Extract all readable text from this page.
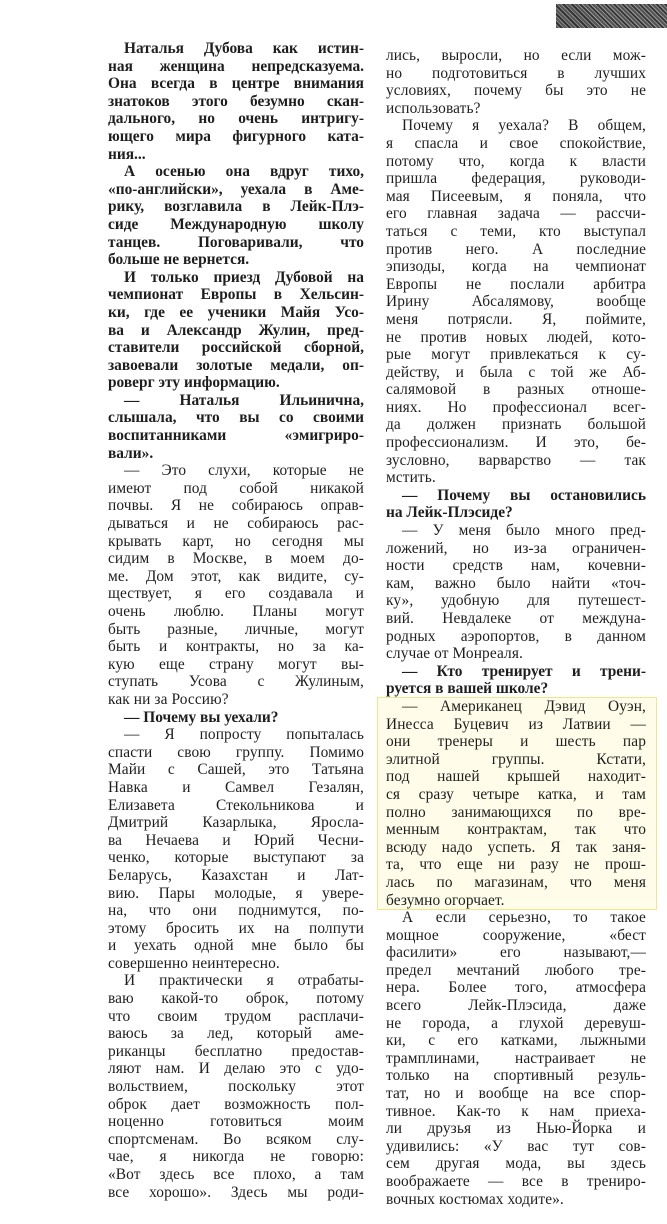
Наталья Дубова как истин-
ная женщина непредсказуема.
Она всегда в центре внимания
знатоков этого безумно скан-
дального, но очень интригу-
ющего мира фигурного ката-
ния...
А осенью она вдруг тихо,
«по-английски», уехала в Аме-
рику, возглавила в Лейк-Плэ-
сиде Международную школу
танцев. Поговаривали, что
больше не вернется.
И только приезд Дубовой на
чемпионат Европы в Хельсин-
ки, где ее ученики Майя Усо-
ва и Александр Жулин, пред-
ставители российской сборной,
завоевали золотые медали, оп-
роверг эту информацию.
— Наталья Ильинична,
слышала, что вы со своими
воспитанниками «эмигриро-
вали».
— Это слухи, которые не
имеют под собой никакой
почвы. Я не собираюсь оправ-
дываться и не собираюсь рас-
крывать карт, но сегодня мы
сидим в Москве, в моем до-
ме. Дом этот, как видите, су-
ществует, я его создавала и
очень люблю. Планы могут
быть разные, личные, могут
быть и контракты, но за ка-
кую еще страну могут вы-
ступать Усова с Жулиным,
как ни за Россию?
— Почему вы уехали?
— Я попросту попыталась
спасти свою группу. Помимо
Майи с Сашей, это Татьяна
Навка и Самвел Гезалян,
Елизавета Стекольникова и
Дмитрий Казарлыка, Яросла-
ва Нечаева и Юрий Чесни-
ченко, которые выступают за
Беларусь, Казахстан и Лат-
вию. Пары молодые, я увере-
на, что они поднимутся, по-
этому бросить их на полпути
и уехать одной мне было бы
совершенно неинтересно.
И практически я отрабаты-
ваю какой-то оброк, потому
что своим трудом расплачи-
ваюсь за лед, который аме-
риканцы бесплатно предостав-
ляют нам. И делаю это с удо-
вольствием, поскольку этот
оброк дает возможность пол-
ноценно готовиться моим
спортсменам. Во всяком слу-
чае, я никогда не говорю:
«Вот здесь все плохо, а там
все хорошо». Здесь мы роди-
лись, выросли, но если мож-
но подготовиться в лучших
условиях, почему бы это не
использовать?
Почему я уехала? В общем,
я спасла и свое спокойствие,
потому что, когда к власти
пришла федерация, руководи-
мая Писеевым, я поняла, что
его главная задача — рассчи-
таться с теми, кто выступал
против него. А последние
эпизоды, когда на чемпионат
Европы не послали арбитра
Ирину Абсалямову, вообще
меня потрясли. Я, поймите,
не против новых людей, кото-
рые могут привлекаться к су-
действу, и была с той же Аб-
салямовой в разных отноше-
ниях. Но профессионал всег-
да должен признать большой
профессионализм. И это, бе-
зусловно, варварство — так
мстить.
— Почему вы остановились
на Лейк-Плэсиде?
— У меня было много пред-
ложений, но из-за ограничен-
ности средств нам, кочевни-
кам, важно было найти «точ-
ку», удобную для путешест-
вий. Невдалеке от междуна-
родных аэропортов, в данном
случае от Монреаля.
— Кто тренирует и трени-
руется в вашей школе?
— Американец Дэвид Оуэн,
Инесса Буцевич из Латвии —
они тренеры и шесть пар
элитной группы. Кстати,
под нашей крышей находит-
ся сразу четыре катка, и там
полно занимающихся по вре-
менным контрактам, так что
всюду надо успеть. Я так заня-
та, что еще ни разу не прош-
лась по магазинам, что меня
безумно огорчает.
А если серьезно, то такое
мощное сооружение, «бест
фасилити» его называют,—
предел мечтаний любого тре-
нера. Более того, атмосфера
всего Лейк-Плэсида, даже
не города, а глухой деревуш-
ки, с его катками, лыжными
трамплинами, настраивает не
только на спортивный резуль-
тат, но и вообще на все спор-
тивное. Как-то к нам приеха-
ли друзья из Нью-Йорка и
удивились: «У вас тут сов-
сем другая мода, вы здесь
воображаете — все в трениро-
вочных костюмах ходите».
